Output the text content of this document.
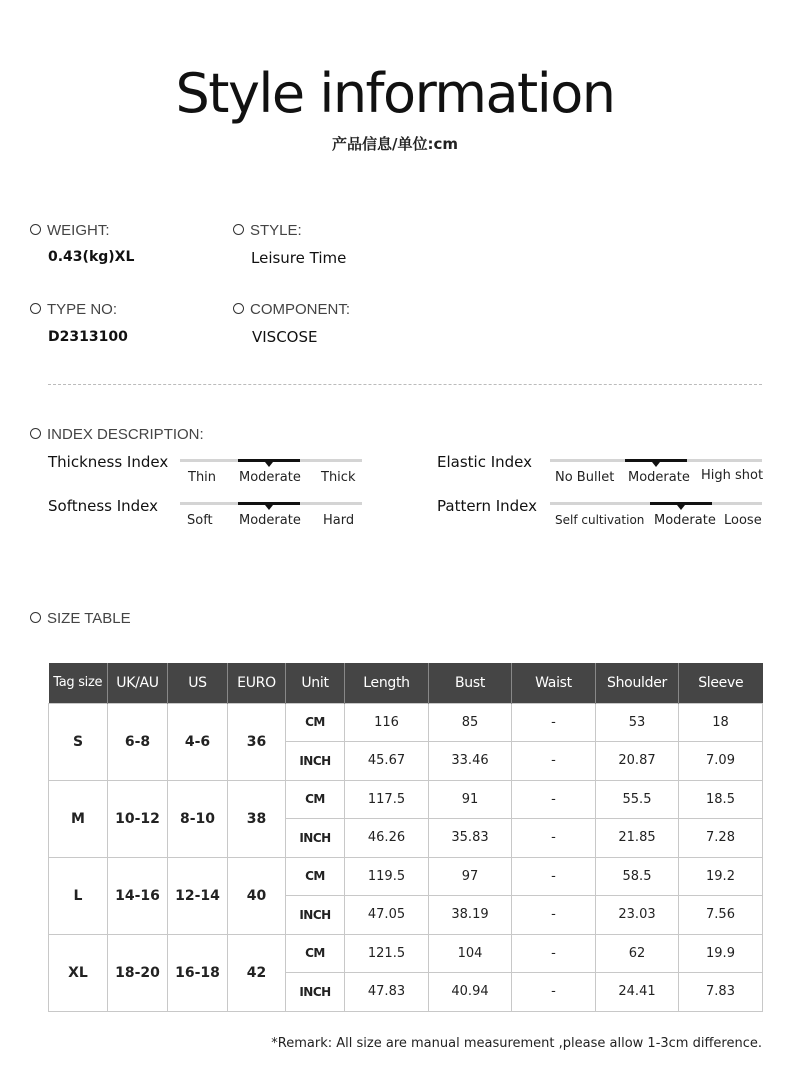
Style information
产品信息/单位:cm
WEIGHT:
0.43(kg)XL
STYLE:
Leisure Time
TYPE NO:
D2313100
COMPONENT:
VISCOSE
INDEX DESCRIPTION:
Thickness Index
Thin Moderate Thick
Softness Index
Soft Moderate Hard
Elastic Index
No Bullet Moderate High shot
Pattern Index
Self cultivation Moderate Loose
SIZE TABLE
Tag size	UK/AU	US	EURO	Unit	Length	Bust	Waist	Shoulder	Sleeve
S	6-8	4-6	36	CM	116	85	-	53	18
				INCH	45.67	33.46	-	20.87	7.09
M	10-12	8-10	38	CM	117.5	91	-	55.5	18.5
				INCH	46.26	35.83	-	21.85	7.28
L	14-16	12-14	40	CM	119.5	97	-	58.5	19.2
				INCH	47.05	38.19	-	23.03	7.56
XL	18-20	16-18	42	CM	121.5	104	-	62	19.9
				INCH	47.83	40.94	-	24.41	7.83
*Remark: All size are manual measurement ,please allow 1-3cm difference.
